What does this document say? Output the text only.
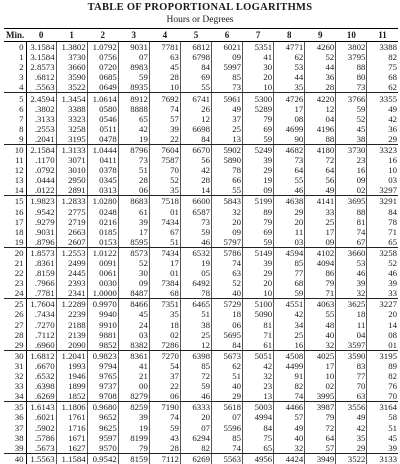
TABLE OF PROPORTIONAL LOGARITHMS
Hours or Degrees
Min.	0	1	2	3	4	5	6	7	8	9	10	11
0	3.1584	1.3802	1.0792	9031	7781	6812	6021	5351	4771	4260	3802	3388
1	3.1584	3730	0756	07	63	6798	09	41	62	52	3795	82
2	2.8573	3660	0720	8983	45	84	5997	30	53	44	88	75
3	.6812	3590	0685	59	28	69	85	20	44	36	80	68
4	.5563	3522	0649	8935	10	55	73	10	35	28	73	62
5	2.4594	1.3454	1.0614	8912	7692	6741	5961	5300	4726	4220	3766	3355
6	.3802	3388	0580	8888	74	26	49	5289	17	12	59	49
7	.3133	3323	0546	65	57	12	37	79	08	04	52	42
8	.2553	3258	0511	42	39	6698	25	69	4699	4196	45	36
9	.2041	3195	0478	19	22	84	13	59	90	88	38	29
10	2.1584	1.3133	1.0444	8796	7604	6670	5902	5249	4682	4180	3730	3323
11	.1170	3071	0411	73	7587	56	5890	39	73	72	23	16
12	.0792	3010	0378	51	70	42	78	29	64	64	16	10
13	.0444	2950	0345	28	52	28	66	19	55	56	09	03
14	.0122	2891	0313	06	35	14	55	09	46	49	02	3297
15	1.9823	1.2833	1.0280	8683	7518	6600	5843	5199	4638	4141	3695	3291
16	.9542	2775	0248	61	01	6587	32	89	29	33	88	84
17	.9279	2719	0216	39	7434	73	20	79	20	25	81	78
18	.9031	2663	0185	17	67	59	09	69	11	17	74	71
19	.8796	2607	0153	8595	51	46	5797	59	03	09	67	65
20	1.8573	1.2553	1.0122	8573	7434	6532	5786	5149	4594	4102	3660	3258
21	.8361	2499	0091	52	17	19	74	39	85	4094	53	52
22	.8159	2445	0061	30	01	05	63	29	77	86	46	46
23	.7966	2393	0030	09	7384	6492	52	20	68	79	39	39
24	.7781	2341	1.0000	8487	68	78	40	10	59	71	32	33
25	1.7604	1.2289	0.9970	8466	7351	6465	5729	5100	4551	4063	3625	3227
26	.7434	2239	9940	45	35	51	18	5090	42	55	18	20
27	.7270	2188	9910	24	18	38	06	81	34	48	11	14
28	.7112	2139	9881	03	02	25	5695	71	25	40	04	08
29	.6960	2090	9852	8382	7286	12	84	61	16	32	3597	01
30	1.6812	1.2041	0.9823	8361	7270	6398	5673	5051	4508	4025	3590	3195
31	.6670	1993	9794	41	54	85	62	42	4499	17	83	89
32	.6532	1946	9765	21	37	72	51	32	91	10	77	82
33	.6398	1899	9737	00	22	59	40	23	82	02	70	76
34	.6269	1852	9708	8279	06	46	29	13	74	3995	63	70
35	1.6143	1.1806	0.9680	8259	7190	6333	5618	5003	4466	3987	3556	3164
36	.6021	1761	9652	39	74	20	07	4994	57	79	49	58
37	.5902	1716	9625	19	59	07	5596	84	49	72	42	51
38	.5786	1671	9597	8199	43	6294	85	75	40	64	35	45
39	.5673	1627	9570	79	28	82	74	65	32	57	29	39
40	1.5563	1.1584	0.9542	8159	7112	6269	5563	4956	4424	3949	3522	3133
